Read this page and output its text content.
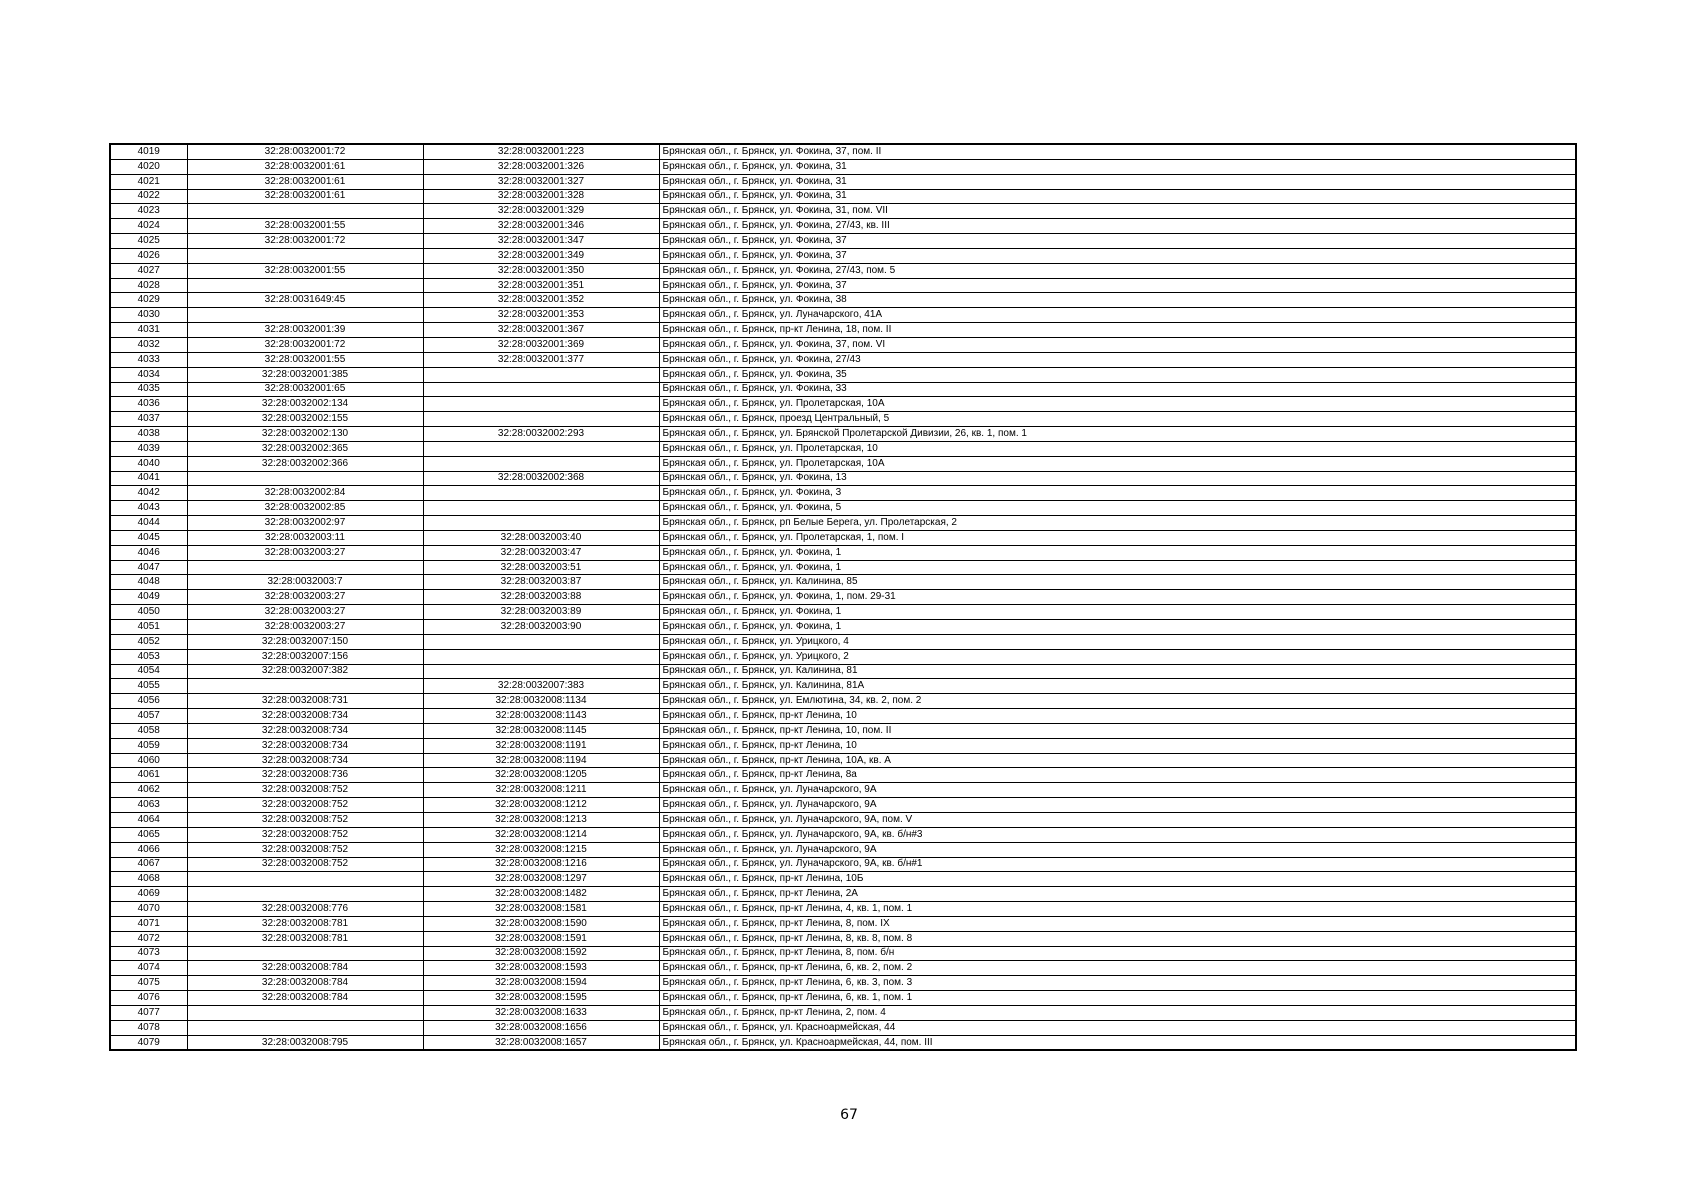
4019	32:28:0032001:72	32:28:0032001:223	Брянская обл., г. Брянск, ул. Фокина, 37, пом. II
4020	32:28:0032001:61	32:28:0032001:326	Брянская обл., г. Брянск, ул. Фокина, 31
4021	32:28:0032001:61	32:28:0032001:327	Брянская обл., г. Брянск, ул. Фокина, 31
4022	32:28:0032001:61	32:28:0032001:328	Брянская обл., г. Брянск, ул. Фокина, 31
4023		32:28:0032001:329	Брянская обл., г. Брянск, ул. Фокина, 31, пом. VII
4024	32:28:0032001:55	32:28:0032001:346	Брянская обл., г. Брянск, ул. Фокина, 27/43, кв. III
4025	32:28:0032001:72	32:28:0032001:347	Брянская обл., г. Брянск, ул. Фокина, 37
4026		32:28:0032001:349	Брянская обл., г. Брянск, ул. Фокина, 37
4027	32:28:0032001:55	32:28:0032001:350	Брянская обл., г. Брянск, ул. Фокина, 27/43, пом. 5
4028		32:28:0032001:351	Брянская обл., г. Брянск, ул. Фокина, 37
4029	32:28:0031649:45	32:28:0032001:352	Брянская обл., г. Брянск, ул. Фокина, 38
4030		32:28:0032001:353	Брянская обл., г. Брянск, ул. Луначарского, 41А
4031	32:28:0032001:39	32:28:0032001:367	Брянская обл., г. Брянск, пр-кт Ленина, 18, пом. II
4032	32:28:0032001:72	32:28:0032001:369	Брянская обл., г. Брянск, ул. Фокина, 37, пом. VI
4033	32:28:0032001:55	32:28:0032001:377	Брянская обл., г. Брянск, ул. Фокина, 27/43
4034	32:28:0032001:385		Брянская обл., г. Брянск, ул. Фокина, 35
4035	32:28:0032001:65		Брянская обл., г. Брянск, ул. Фокина, 33
4036	32:28:0032002:134		Брянская обл., г. Брянск, ул. Пролетарская, 10А
4037	32:28:0032002:155		Брянская обл., г. Брянск, проезд Центральный, 5
4038	32:28:0032002:130	32:28:0032002:293	Брянская обл., г. Брянск, ул. Брянской Пролетарской Дивизии, 26, кв. 1, пом. 1
4039	32:28:0032002:365		Брянская обл., г. Брянск, ул. Пролетарская, 10
4040	32:28:0032002:366		Брянская обл., г. Брянск, ул. Пролетарская, 10А
4041		32:28:0032002:368	Брянская обл., г. Брянск, ул. Фокина, 13
4042	32:28:0032002:84		Брянская обл., г. Брянск, ул. Фокина, 3
4043	32:28:0032002:85		Брянская обл., г. Брянск, ул. Фокина, 5
4044	32:28:0032002:97		Брянская обл., г. Брянск, рп Белые Берега, ул. Пролетарская, 2
4045	32:28:0032003:11	32:28:0032003:40	Брянская обл., г. Брянск, ул. Пролетарская, 1, пом. I
4046	32:28:0032003:27	32:28:0032003:47	Брянская обл., г. Брянск, ул. Фокина, 1
4047		32:28:0032003:51	Брянская обл., г. Брянск, ул. Фокина, 1
4048	32:28:0032003:7	32:28:0032003:87	Брянская обл., г. Брянск, ул. Калинина, 85
4049	32:28:0032003:27	32:28:0032003:88	Брянская обл., г. Брянск, ул. Фокина, 1, пом. 29-31
4050	32:28:0032003:27	32:28:0032003:89	Брянская обл., г. Брянск, ул. Фокина, 1
4051	32:28:0032003:27	32:28:0032003:90	Брянская обл., г. Брянск, ул. Фокина, 1
4052	32:28:0032007:150		Брянская обл., г. Брянск, ул. Урицкого, 4
4053	32:28:0032007:156		Брянская обл., г. Брянск, ул. Урицкого, 2
4054	32:28:0032007:382		Брянская обл., г. Брянск, ул. Калинина, 81
4055		32:28:0032007:383	Брянская обл., г. Брянск, ул. Калинина, 81А
4056	32:28:0032008:731	32:28:0032008:1134	Брянская обл., г. Брянск, ул. Емлютина, 34, кв. 2, пом. 2
4057	32:28:0032008:734	32:28:0032008:1143	Брянская обл., г. Брянск, пр-кт Ленина, 10
4058	32:28:0032008:734	32:28:0032008:1145	Брянская обл., г. Брянск, пр-кт Ленина, 10, пом. II
4059	32:28:0032008:734	32:28:0032008:1191	Брянская обл., г. Брянск, пр-кт Ленина, 10
4060	32:28:0032008:734	32:28:0032008:1194	Брянская обл., г. Брянск, пр-кт Ленина, 10А, кв. А
4061	32:28:0032008:736	32:28:0032008:1205	Брянская обл., г. Брянск, пр-кт Ленина, 8а
4062	32:28:0032008:752	32:28:0032008:1211	Брянская обл., г. Брянск, ул. Луначарского, 9А
4063	32:28:0032008:752	32:28:0032008:1212	Брянская обл., г. Брянск, ул. Луначарского, 9А
4064	32:28:0032008:752	32:28:0032008:1213	Брянская обл., г. Брянск, ул. Луначарского, 9А, пом. V
4065	32:28:0032008:752	32:28:0032008:1214	Брянская обл., г. Брянск, ул. Луначарского, 9А, кв. б/н#3
4066	32:28:0032008:752	32:28:0032008:1215	Брянская обл., г. Брянск, ул. Луначарского, 9А
4067	32:28:0032008:752	32:28:0032008:1216	Брянская обл., г. Брянск, ул. Луначарского, 9А, кв. б/н#1
4068		32:28:0032008:1297	Брянская обл., г. Брянск, пр-кт Ленина, 10Б
4069		32:28:0032008:1482	Брянская обл., г. Брянск, пр-кт Ленина, 2А
4070	32:28:0032008:776	32:28:0032008:1581	Брянская обл., г. Брянск, пр-кт Ленина, 4, кв. 1, пом. 1
4071	32:28:0032008:781	32:28:0032008:1590	Брянская обл., г. Брянск, пр-кт Ленина, 8, пом. IX
4072	32:28:0032008:781	32:28:0032008:1591	Брянская обл., г. Брянск, пр-кт Ленина, 8, кв. 8, пом. 8
4073		32:28:0032008:1592	Брянская обл., г. Брянск, пр-кт Ленина, 8, пом. б/н
4074	32:28:0032008:784	32:28:0032008:1593	Брянская обл., г. Брянск, пр-кт Ленина, 6, кв. 2, пом. 2
4075	32:28:0032008:784	32:28:0032008:1594	Брянская обл., г. Брянск, пр-кт Ленина, 6, кв. 3, пом. 3
4076	32:28:0032008:784	32:28:0032008:1595	Брянская обл., г. Брянск, пр-кт Ленина, 6, кв. 1, пом. 1
4077		32:28:0032008:1633	Брянская обл., г. Брянск, пр-кт Ленина, 2, пом. 4
4078		32:28:0032008:1656	Брянская обл., г. Брянск, ул. Красноармейская, 44
4079	32:28:0032008:795	32:28:0032008:1657	Брянская обл., г. Брянск, ул. Красноармейская, 44, пом. III
67
